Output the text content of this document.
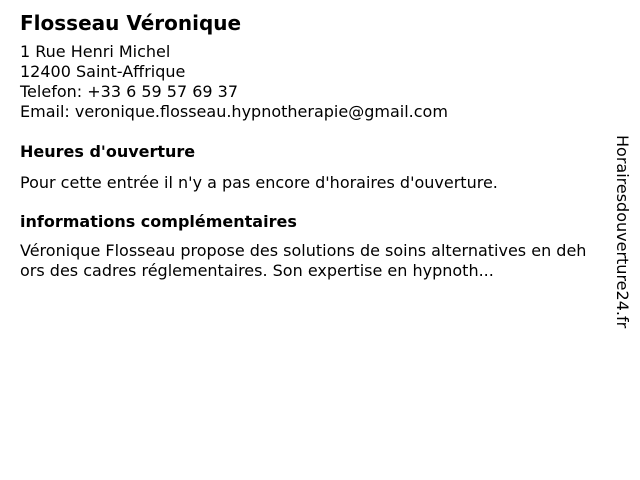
Flosseau Véronique

1 Rue Henri Michel

12400 Saint-Affrique

Telefon: +33 6 59 57 69 37

Email: veronique.flosseau.hypnotherapie@gmail.com

Heures d'ouverture

Pour cette entrée il n'y a pas encore d'horaires d'ouverture.

informations complémentaires

Véronique Flosseau propose des solutions de soins alternatives en dehors des cadres réglementaires. Son expertise en hypnoth...	Horairesdouverture24.fr
